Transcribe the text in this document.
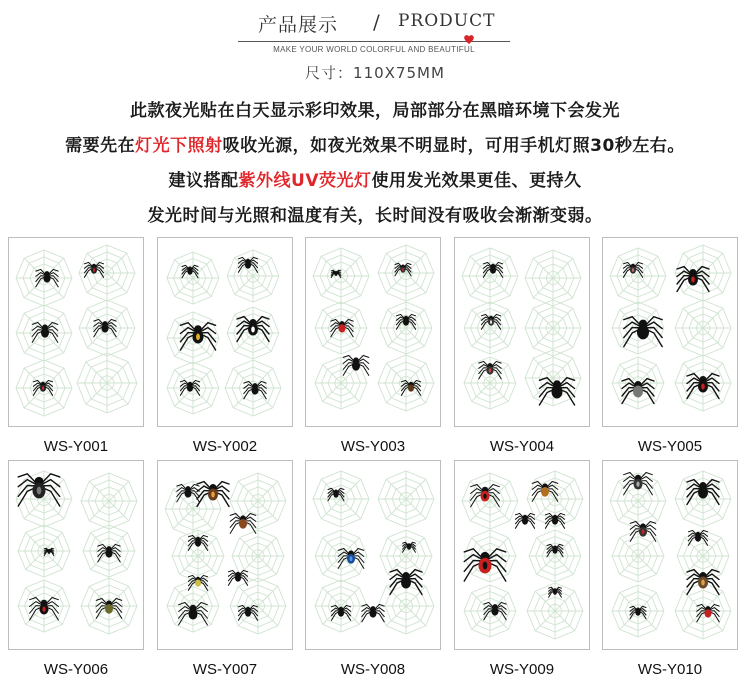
产品展示 / PRODUCT
MAKE YOUR WORLD COLORFUL AND BEAUTIFUL
尺寸：110X75MM
此款夜光贴在白天显示彩印效果，局部部分在黑暗环境下会发光
需要先在灯光下照射吸收光源，如夜光效果不明显时，可用手机灯照30秒左右。
建议搭配紫外线UV荧光灯使用发光效果更佳、更持久
发光时间与光照和温度有关，长时间没有吸收会渐渐变弱。
WS-Y001	WS-Y002	WS-Y003	WS-Y004	WS-Y005
WS-Y006	WS-Y007	WS-Y008	WS-Y009	WS-Y010
